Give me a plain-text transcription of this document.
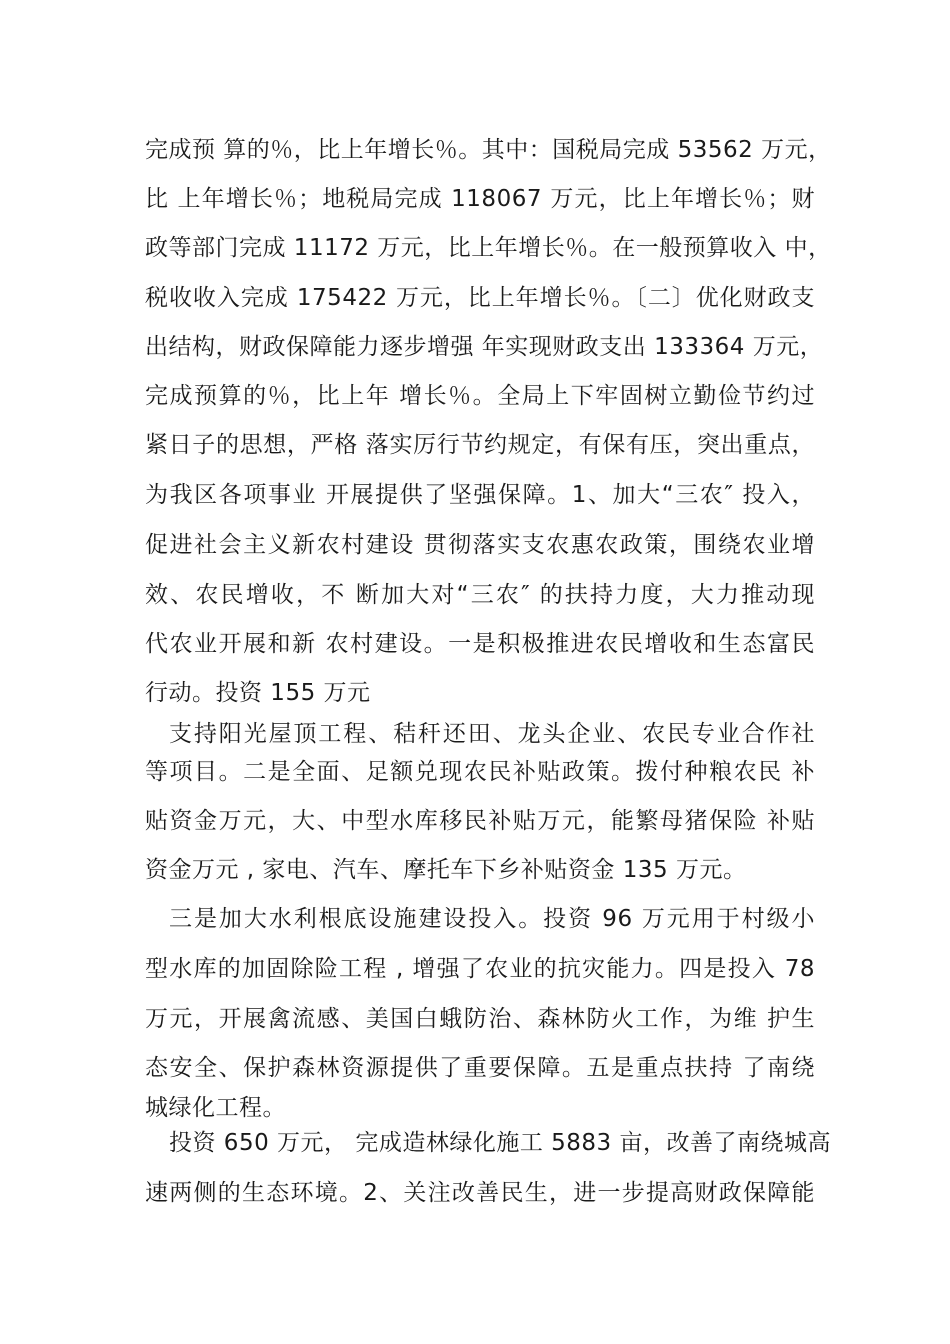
完成预 算的％，比上年增长％。其中：国税局完成 53562 万元，
比 上年增长％；地税局完成 118067 万元，比上年增长％；财
政等部门完成 11172 万元，比上年增长％。在一般预算收入 中，
税收收入完成 175422 万元，比上年增长％。〔二〕优化财政支
出结构，财政保障能力逐步增强 年实现财政支出 133364 万元，
完成预算的％，比上年 增长％。全局上下牢固树立勤俭节约过
紧日子的思想，严格 落实厉行节约规定，有保有压，突出重点，
为我区各项事业 开展提供了坚强保障。1、加大“三农″ 投入，
促进社会主义新农村建设 贯彻落实支农惠农政策，围绕农业增
效、农民增收，不 断加大对“三农″ 的扶持力度，大力推动现
代农业开展和新 农村建设。一是积极推进农民增收和生态富民
行动。投资 155 万元
支持阳光屋顶工程、秸秆还田、龙头企业、农民专业合作社
等项目。二是全面、足额兑现农民补贴政策。拨付种粮农民 补
贴资金万元，大、中型水库移民补贴万元，能繁母猪保险 补贴
资金万元 , 家电、汽车、摩托车下乡补贴资金 135 万元。
三是加大水利根底设施建设投入。投资 96 万元用于村级小
型水库的加固除险工程 , 增强了农业的抗灾能力。四是投入 78
万元，开展禽流感、美国白蛾防治、森林防火工作，为维 护生
态安全、保护森林资源提供了重要保障。五是重点扶持 了南绕
城绿化工程。
投资 650 万元， 完成造林绿化施工 5883 亩，改善了南绕城高
速两侧的生态环境。2、关注改善民生，进一步提高财政保障能
